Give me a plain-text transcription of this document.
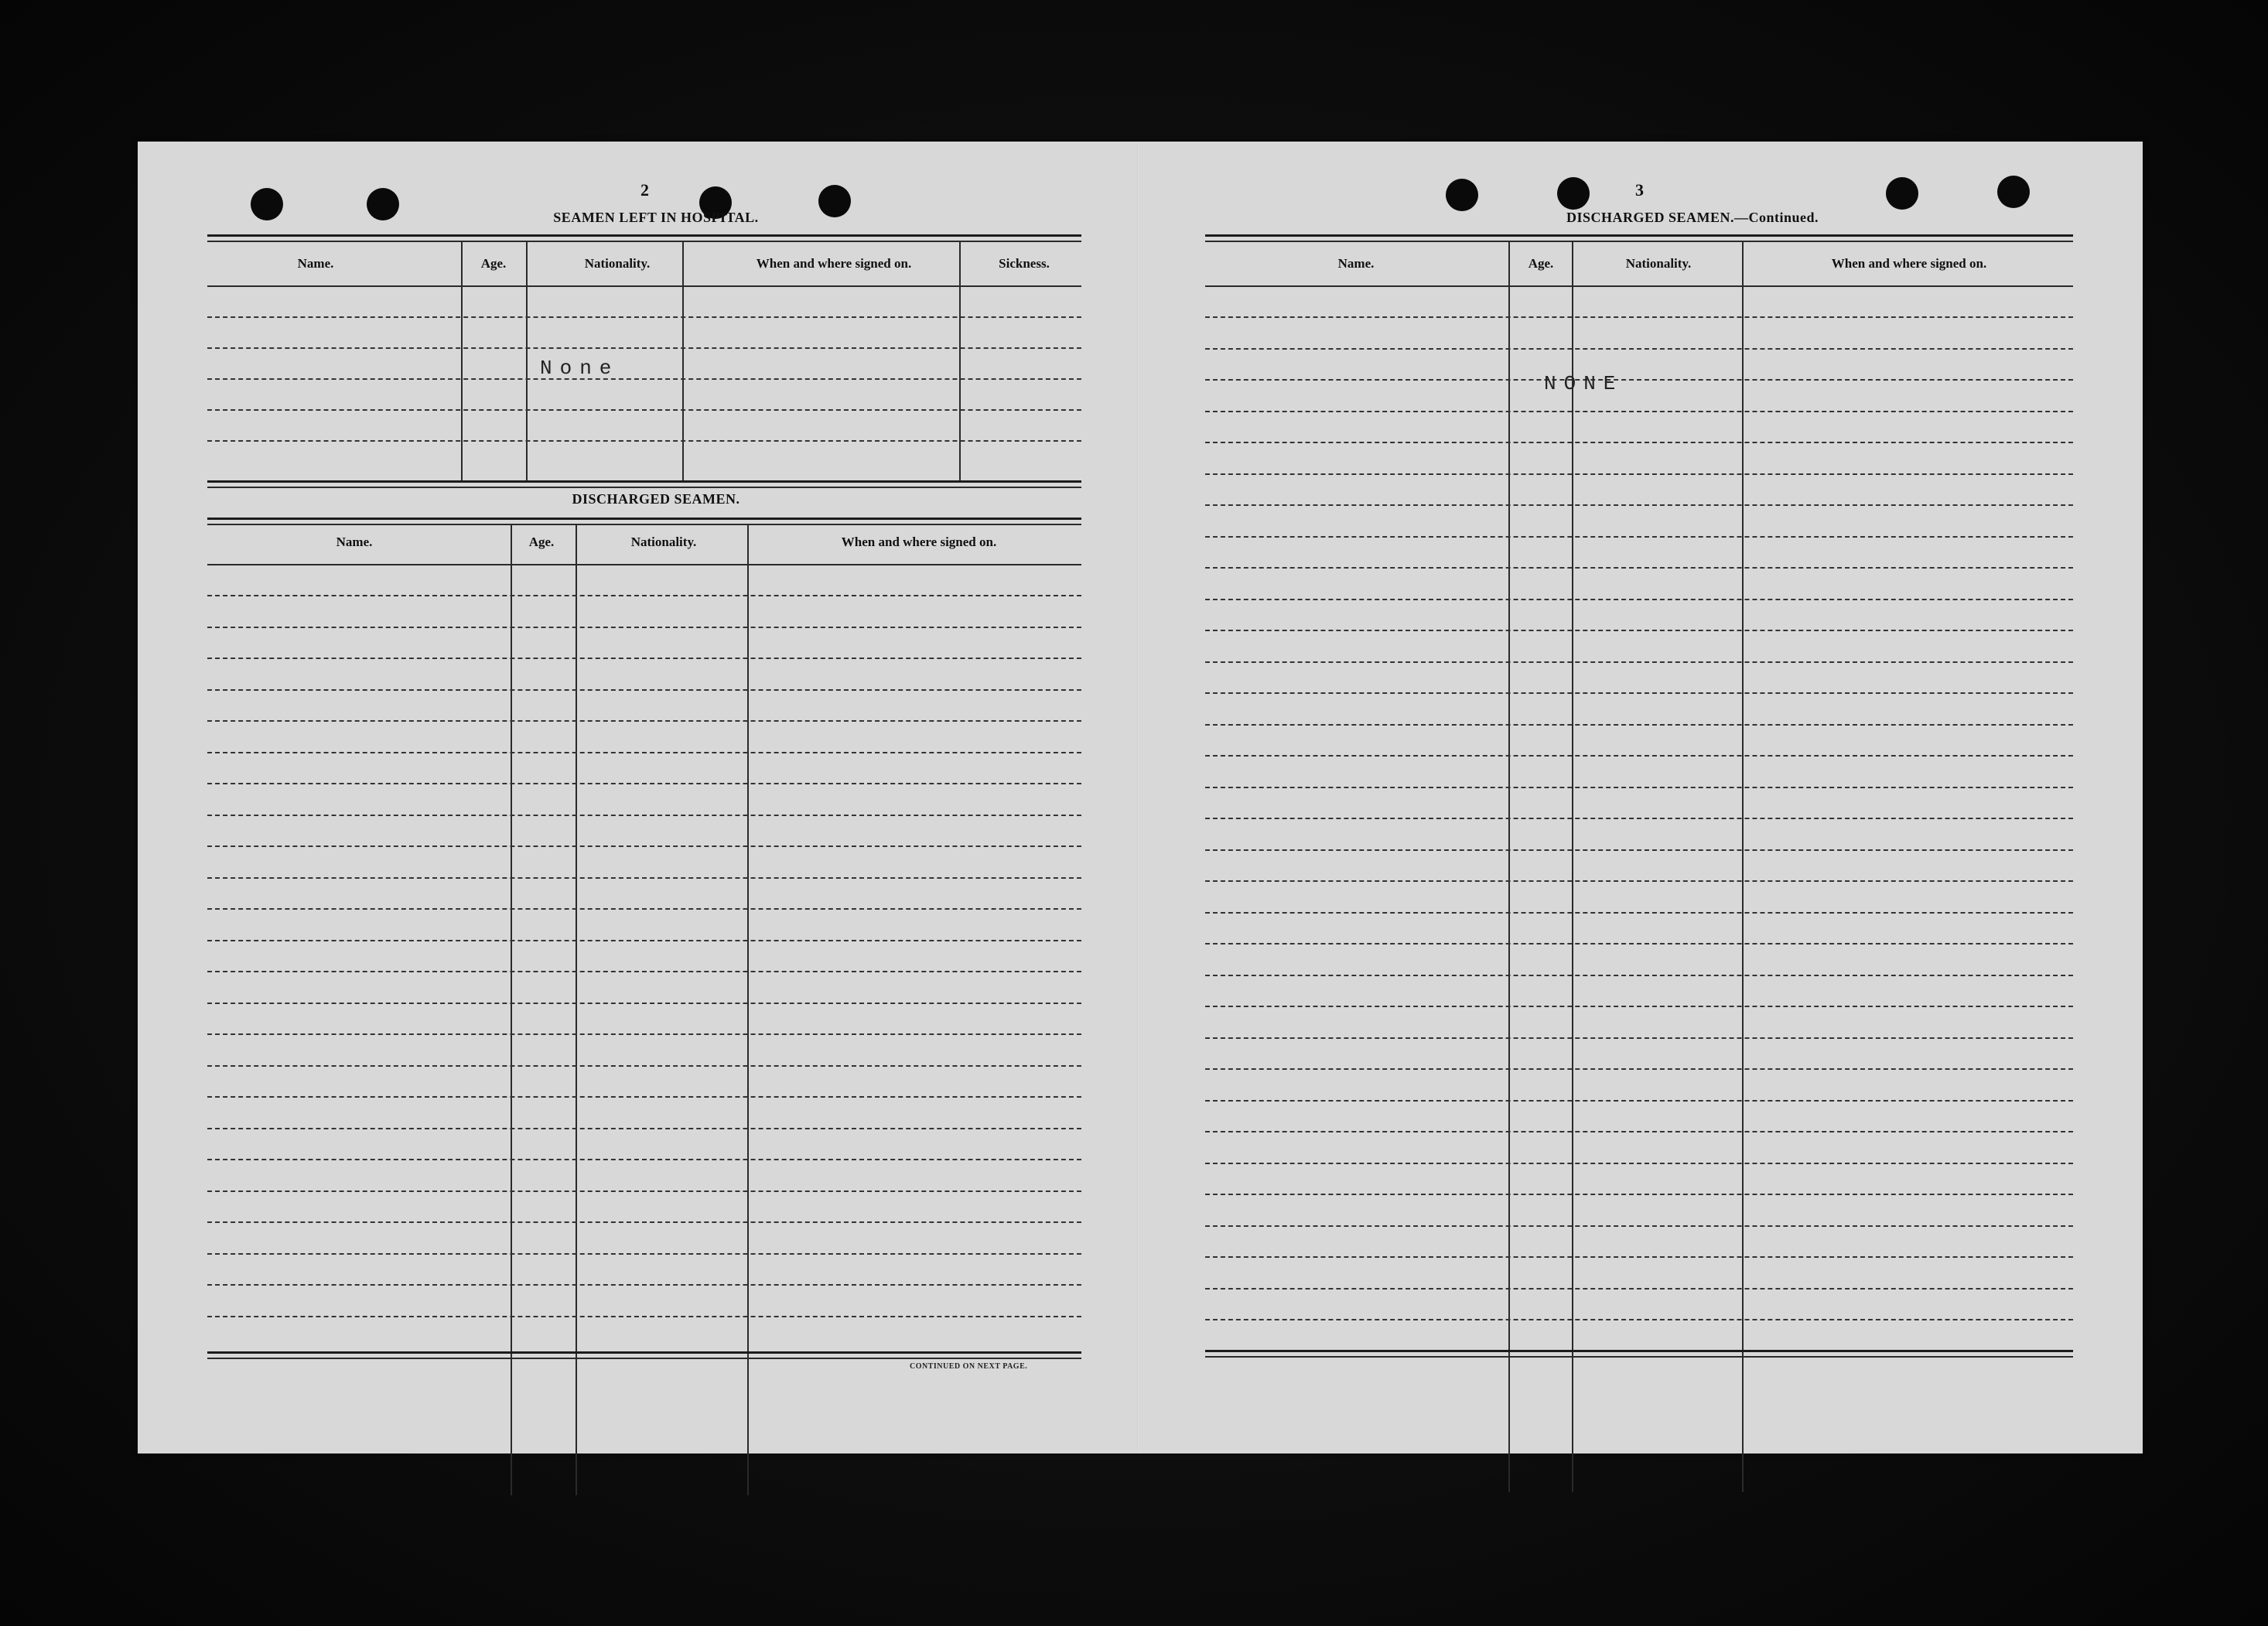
2
SEAMEN LEFT IN HOSPITAL.
Name.	Age.	Nationality.	When and where signed on.	Sickness.
None
DISCHARGED SEAMEN.
Name.	Age.	Nationality.	When and where signed on.
CONTINUED ON NEXT PAGE.
3
DISCHARGED SEAMEN.—Continued.
Name.	Age.	Nationality.	When and where signed on.
NONE
